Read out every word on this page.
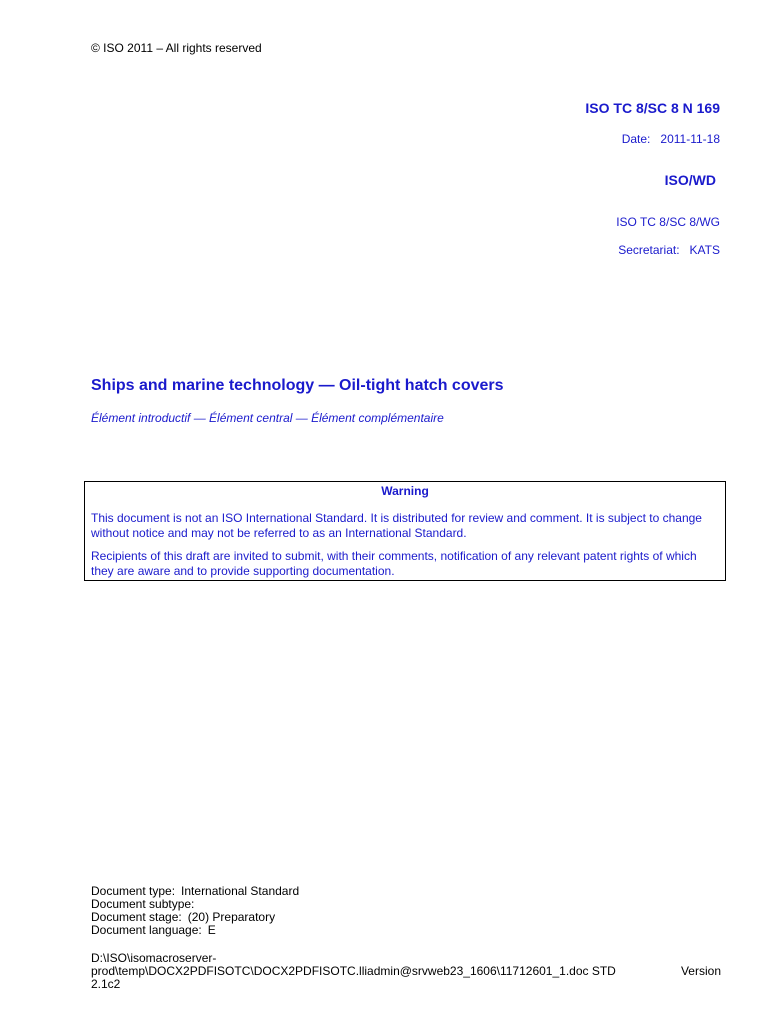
© ISO 2011 – All rights reserved
ISO TC 8/SC 8 N 169
Date: 2011-11-18
ISO/WD
ISO TC 8/SC 8/WG
Secretariat: KATS
Ships and marine technology — Oil-tight hatch covers
Élément introductif — Élément central — Élément complémentaire
Warning

This document is not an ISO International Standard. It is distributed for review and comment. It is subject to change without notice and may not be referred to as an International Standard.

Recipients of this draft are invited to submit, with their comments, notification of any relevant patent rights of which they are aware and to provide supporting documentation.

Document type: International Standard
Document subtype:
Document stage: (20) Preparatory
Document language: E
D:\ISO\isomacroserver-
prod\temp\DOCX2PDFISOTC\DOCX2PDFISOTC.lliadmin@srvweb23_1606\11712601_1.doc STD	Version
2.1c2
